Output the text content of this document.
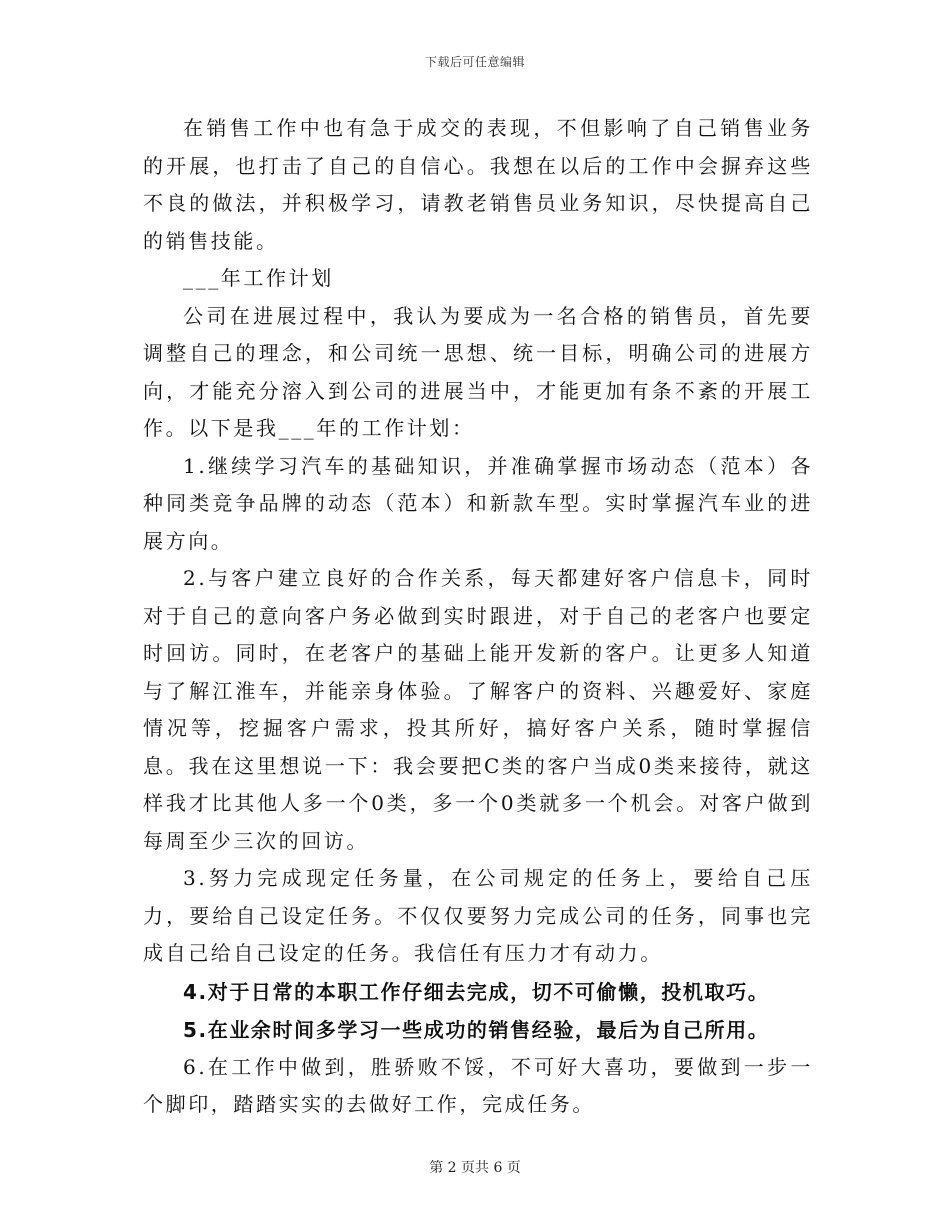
下载后可任意编辑

在销售工作中也有急于成交的表现，不但影响了自己销售业务的开展，也打击了自己的自信心。我想在以后的工作中会摒弃这些不良的做法，并积极学习，请教老销售员业务知识，尽快提高自己的销售技能。

___年工作计划

公司在进展过程中，我认为要成为一名合格的销售员，首先要调整自己的理念，和公司统一思想、统一目标，明确公司的进展方向，才能充分溶入到公司的进展当中，才能更加有条不紊的开展工作。以下是我___年的工作计划：

1.继续学习汽车的基础知识，并准确掌握市场动态（范本）各种同类竞争品牌的动态（范本）和新款车型。实时掌握汽车业的进展方向。

2.与客户建立良好的合作关系，每天都建好客户信息卡，同时对于自己的意向客户务必做到实时跟进，对于自己的老客户也要定时回访。同时，在老客户的基础上能开发新的客户。让更多人知道与了解江淮车，并能亲身体验。了解客户的资料、兴趣爱好、家庭情况等，挖掘客户需求，投其所好，搞好客户关系，随时掌握信息。我在这里想说一下：我会要把C类的客户当成0类来接待，就这样我才比其他人多一个0类，多一个0类就多一个机会。对客户做到每周至少三次的回访。

3.努力完成现定任务量，在公司规定的任务上，要给自己压力，要给自己设定任务。不仅仅要努力完成公司的任务，同事也完成自己给自己设定的任务。我信任有压力才有动力。

4.对于日常的本职工作仔细去完成，切不可偷懒，投机取巧。

5.在业余时间多学习一些成功的销售经验，最后为自己所用。

6.在工作中做到，胜骄败不馁，不可好大喜功，要做到一步一个脚印，踏踏实实的去做好工作，完成任务。

第 2 页共 6 页
